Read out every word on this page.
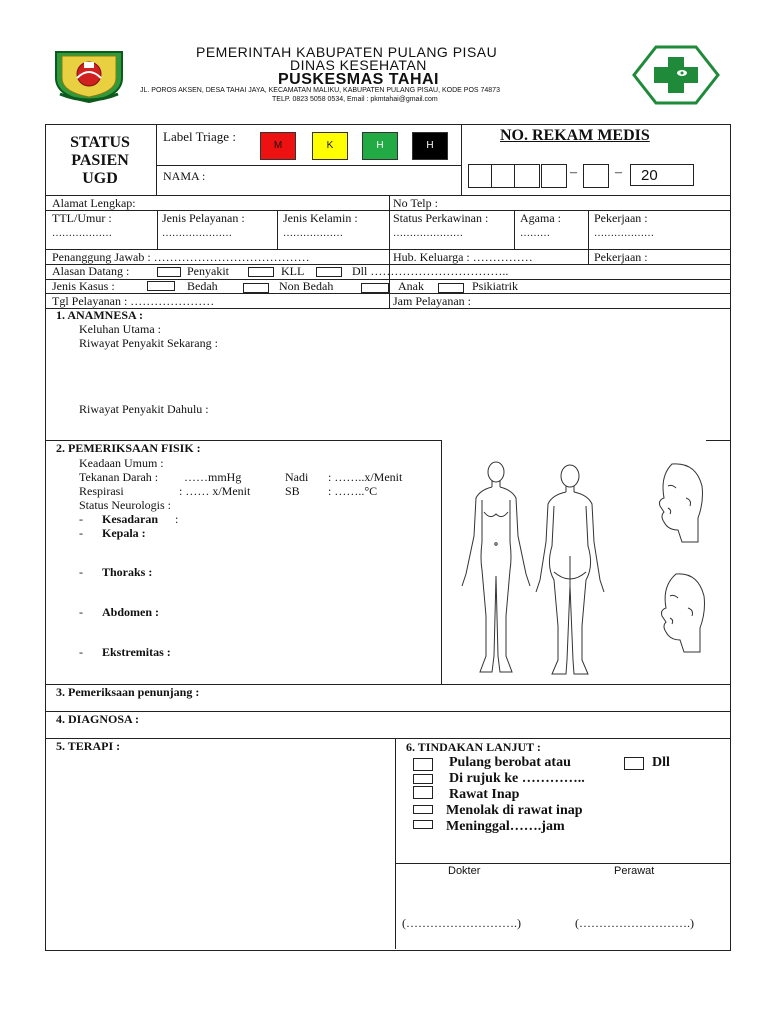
PEMERINTAH KABUPATEN PULANG PISAU
DINAS KESEHATAN
PUSKESMAS TAHAI
JL. POROS AKSEN, DESA TAHAI JAYA, KECAMATAN MALIKU, KABUPATEN PULANG PISAU, KODE POS 74873
TELP. 0823 5058 0534, Email : pkmtahai@gmail.com
STATUS
PASIEN
UGD
Label Triage :
M	K	H	H
NAMA :
NO. REKAM MEDIS
–	–	20
Alamat Lengkap:	No Telp :
TTL/Umur :
………………
Jenis Pelayanan :
…………………
Jenis Kelamin :
………………
Status Perkawinan :
…………………
Agama :
………
Pekerjaan :
………………
Penanggung Jawab : …………………………………	Hub. Keluarga : ……………	Pekerjaan :
Alasan Datang :	Penyakit	KLL	Dll ……………………………..
Jenis Kasus :	Bedah	Non Bedah	Anak	Psikiatrik
Tgl Pelayanan : …………………	Jam Pelayanan :
1. ANAMNESA :
Keluhan Utama :
Riwayat Penyakit Sekarang :
Riwayat Penyakit Dahulu :
2. PEMERIKSAAN FISIK :
Keadaan Umum :
Tekanan Darah : ……mmHg	Nadi : ……..x/Menit
Respirasi	: …… x/Menit	SB : ……..°C
Status Neurologis :
- Kesadaran :
- Kepala :
- Thoraks :
- Abdomen :
- Ekstremitas :
3. Pemeriksaan penunjang :
4. DIAGNOSA :
5. TERAPI :	6. TINDAKAN LANJUT :
Pulang berobat atau	Dll
Di rujuk ke …………..
Rawat Inap
Menolak di rawat inap
Meninggal…….jam
Dokter	Perawat
(……………………….)	(……………………….)
